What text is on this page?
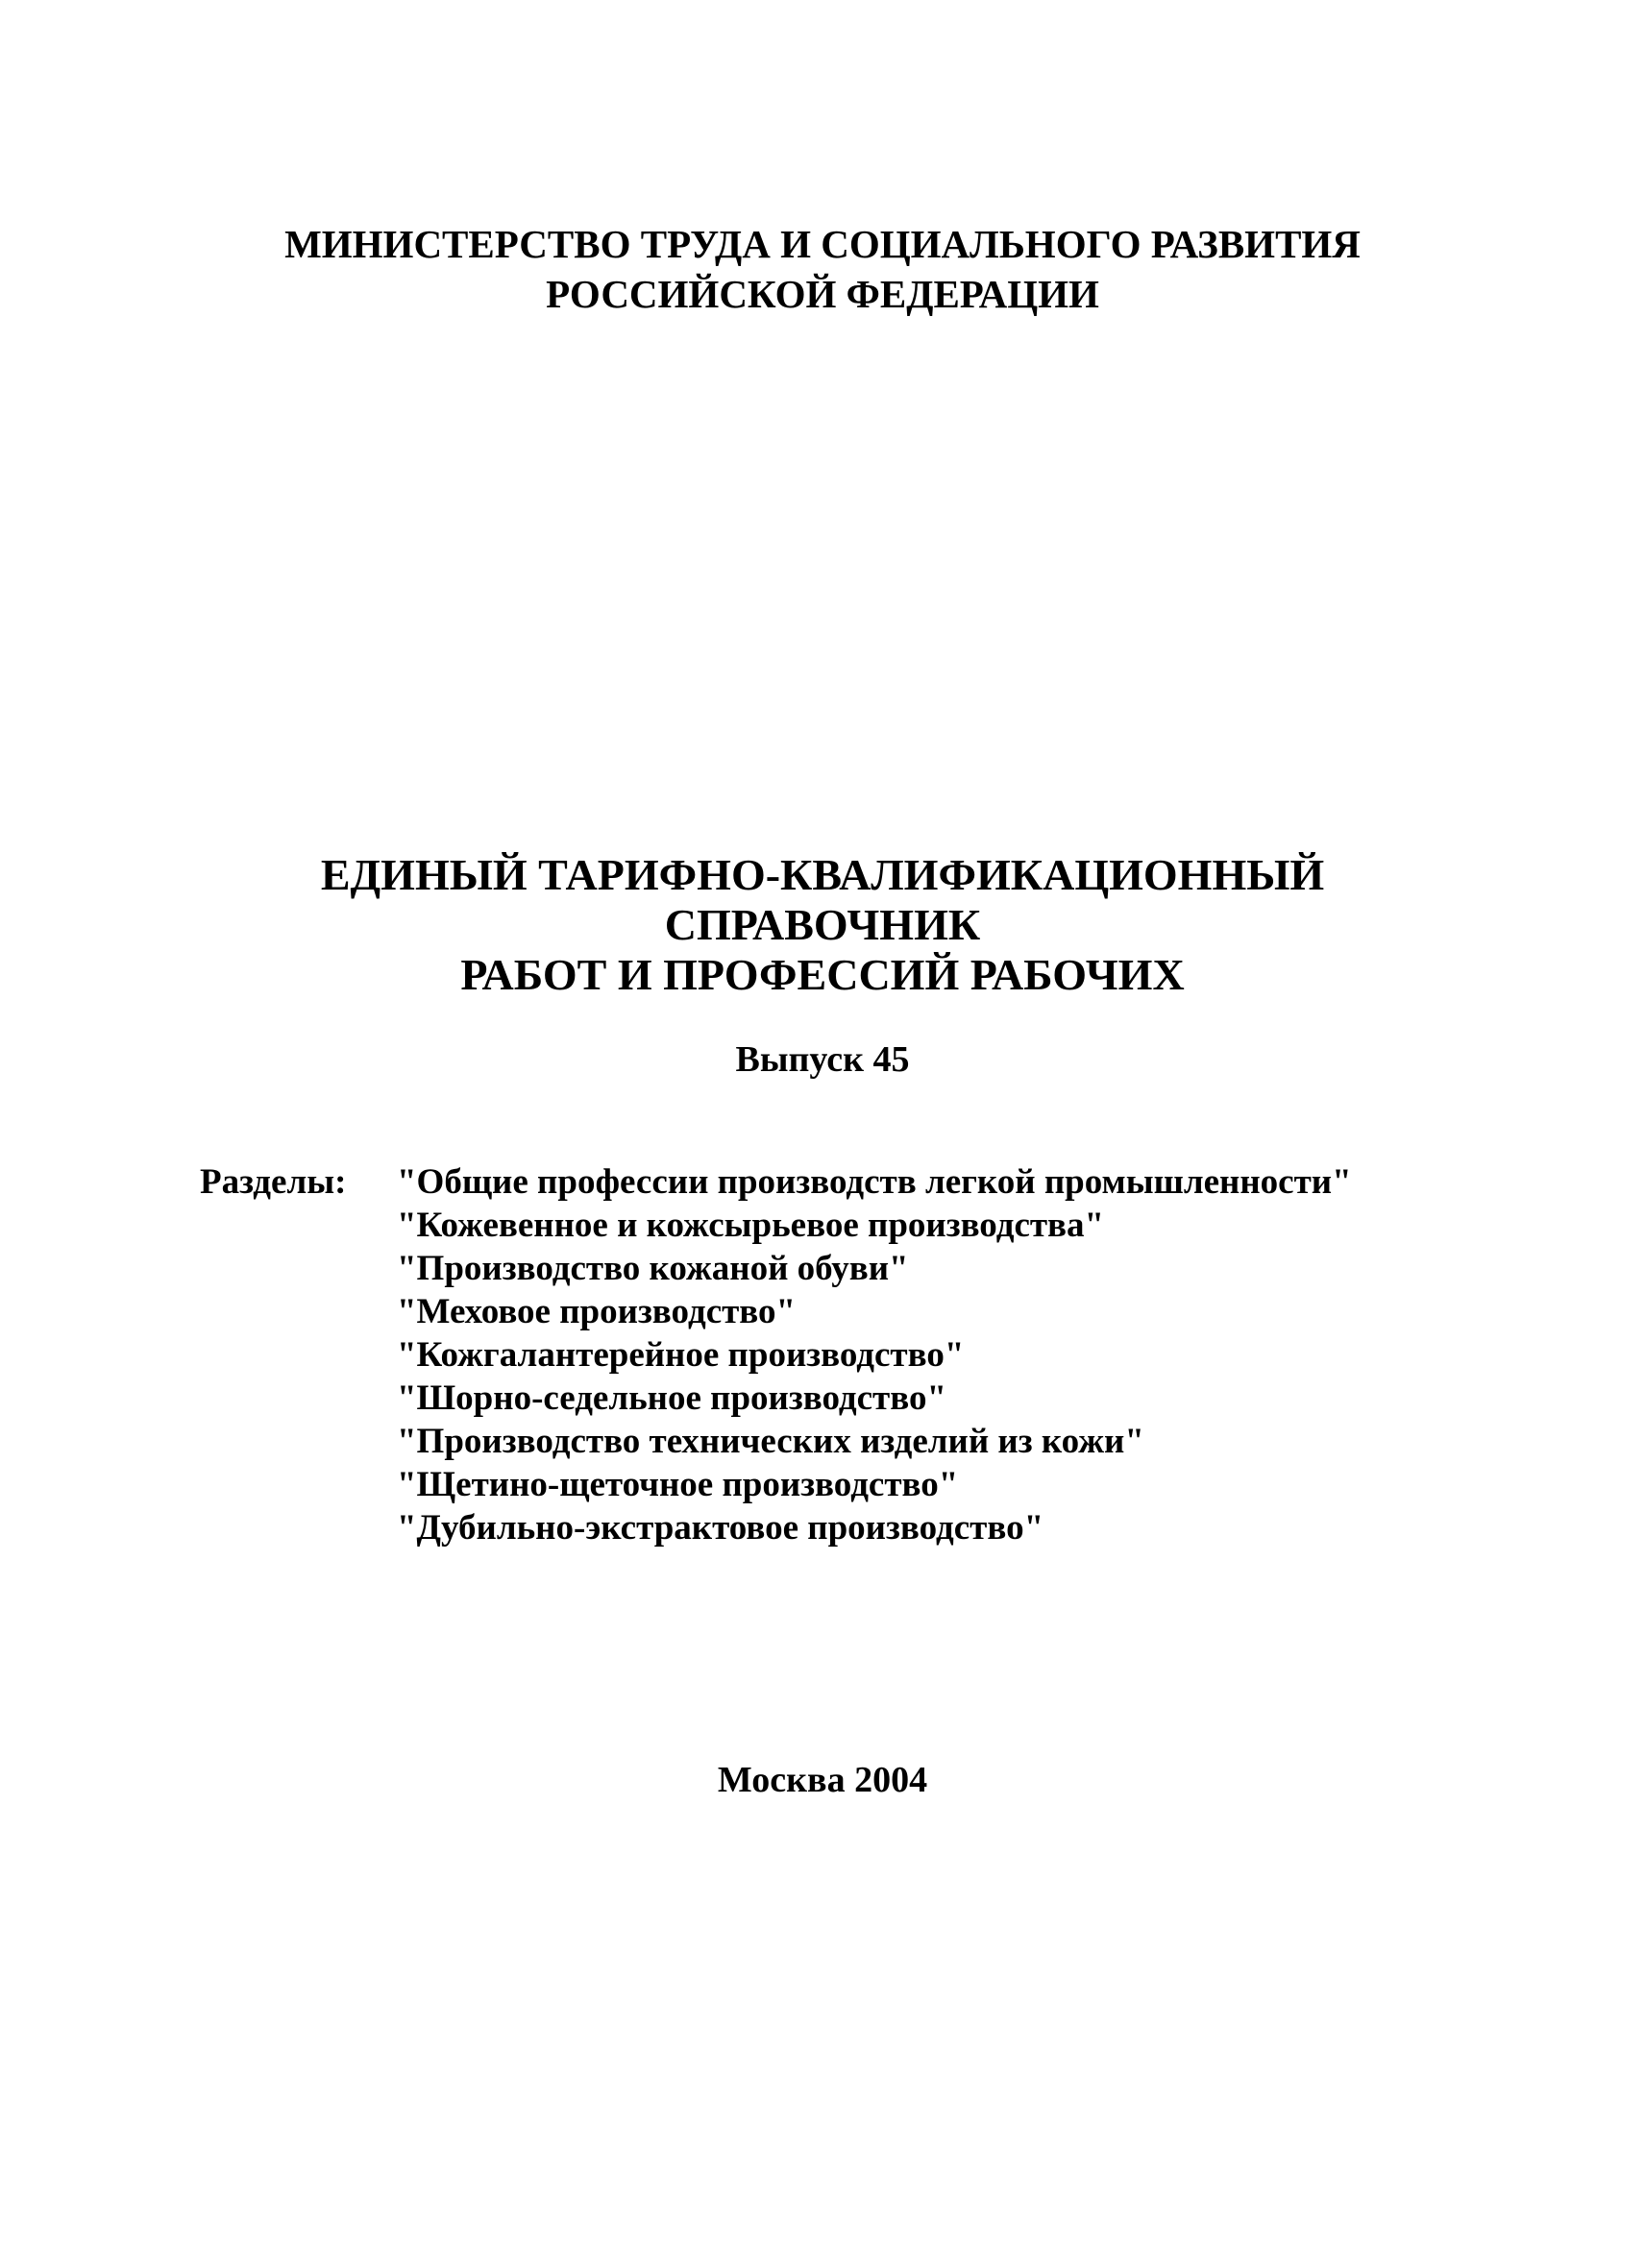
МИНИСТЕРСТВО ТРУДА И СОЦИАЛЬНОГО РАЗВИТИЯ
РОССИЙСКОЙ ФЕДЕРАЦИИ
ЕДИНЫЙ ТАРИФНО-КВАЛИФИКАЦИОННЫЙ
СПРАВОЧНИК
РАБОТ И ПРОФЕССИЙ РАБОЧИХ
Выпуск 45
Разделы: "Общие профессии производств легкой промышленности"
"Кожевенное и кожсырьевое производства"
"Производство кожаной обуви"
"Меховое производство"
"Кожгалантерейное производство"
"Шорно-седельное производство"
"Производство технических изделий из кожи"
"Щетино-щеточное производство"
"Дубильно-экстрактовое производство"
Москва 2004
